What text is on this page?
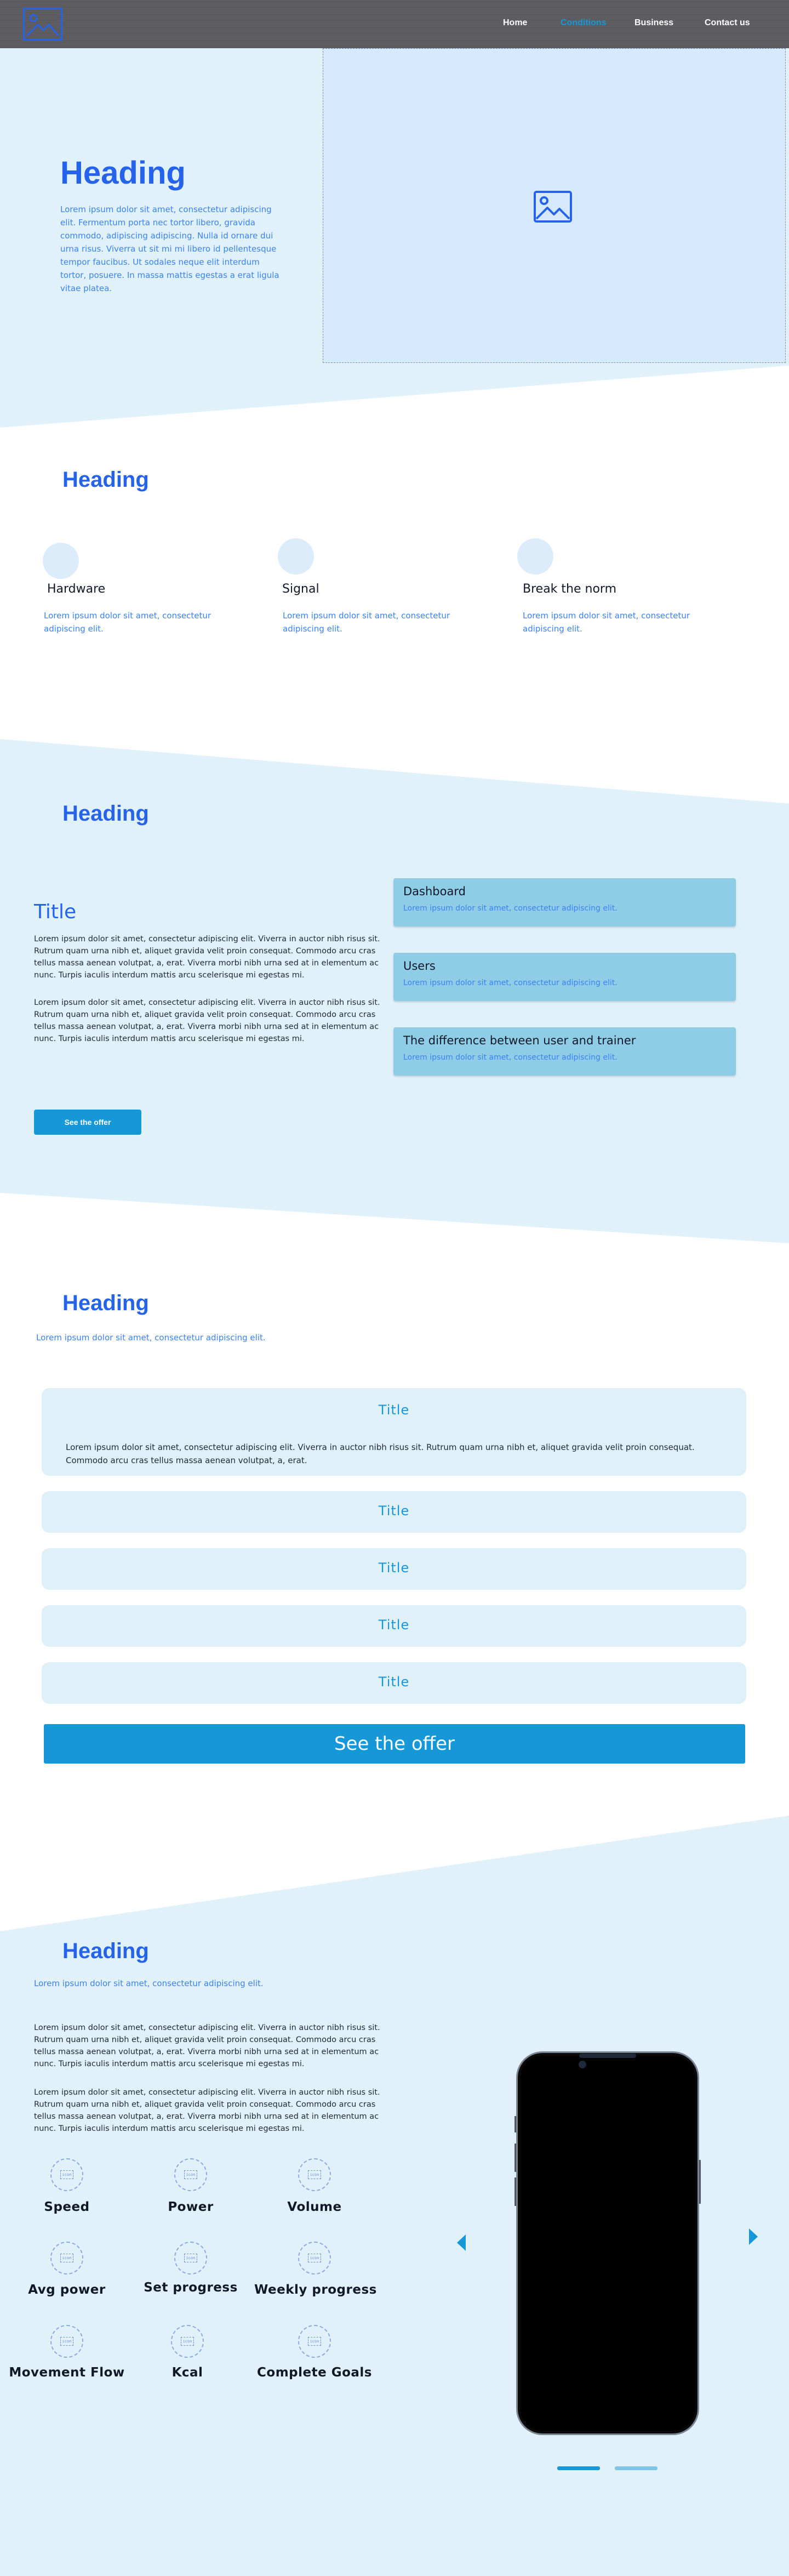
Heading
Lorem ipsum dolor sit amet, consectetur adipiscing elit. Fermentum porta nec tortor libero, gravida commodo, adipiscing adipiscing. Nulla id ornare dui urna risus. Viverra ut sit mi mi libero id pellentesque tempor faucibus. Ut sodales neque elit interdum tortor, posuere. In massa mattis egestas a erat ligula vitae platea.
Home	Conditions	Business	Contact us
Heading
Hardware
Lorem ipsum dolor sit amet, consectetur adipiscing elit.
Signal
Lorem ipsum dolor sit amet, consectetur adipiscing elit.
Break the norm
Lorem ipsum dolor sit amet, consectetur adipiscing elit.
Heading
Title
Lorem ipsum dolor sit amet, consectetur adipiscing elit. Viverra in auctor nibh risus sit. Rutrum quam urna nibh et, aliquet gravida velit proin consequat. Commodo arcu cras tellus massa aenean volutpat, a, erat. Viverra morbi nibh urna sed at in elementum ac nunc. Turpis iaculis interdum mattis arcu scelerisque mi egestas mi.
Lorem ipsum dolor sit amet, consectetur adipiscing elit. Viverra in auctor nibh risus sit. Rutrum quam urna nibh et, aliquet gravida velit proin consequat. Commodo arcu cras tellus massa aenean volutpat, a, erat. Viverra morbi nibh urna sed at in elementum ac nunc. Turpis iaculis interdum mattis arcu scelerisque mi egestas mi.
See the offer
Dashboard
Lorem ipsum dolor sit amet, consectetur adipiscing elit.
Users
Lorem ipsum dolor sit amet, consectetur adipiscing elit.
The difference between user and trainer
Lorem ipsum dolor sit amet, consectetur adipiscing elit.
Heading
Lorem ipsum dolor sit amet, consectetur adipiscing elit.
Title
Lorem ipsum dolor sit amet, consectetur adipiscing elit. Viverra in auctor nibh risus sit. Rutrum quam urna nibh et, aliquet gravida velit proin consequat. Commodo arcu cras tellus massa aenean volutpat, a, erat.
Title
Title
Title
Title
See the offer
Heading
Lorem ipsum dolor sit amet, consectetur adipiscing elit.
Lorem ipsum dolor sit amet, consectetur adipiscing elit. Viverra in auctor nibh risus sit. Rutrum quam urna nibh et, aliquet gravida velit proin consequat. Commodo arcu cras tellus massa aenean volutpat, a, erat. Viverra morbi nibh urna sed at in elementum ac nunc. Turpis iaculis interdum mattis arcu scelerisque mi egestas mi.
Lorem ipsum dolor sit amet, consectetur adipiscing elit. Viverra in auctor nibh risus sit. Rutrum quam urna nibh et, aliquet gravida velit proin consequat. Commodo arcu cras tellus massa aenean volutpat, a, erat. Viverra morbi nibh urna sed at in elementum ac nunc. Turpis iaculis interdum mattis arcu scelerisque mi egestas mi.
icon
Speed
icon
Power
icon
Volume
icon
Avg power
icon
Set progress
icon
Weekly progress
icon
Movement Flow
icon
Kcal
icon
Complete Goals
